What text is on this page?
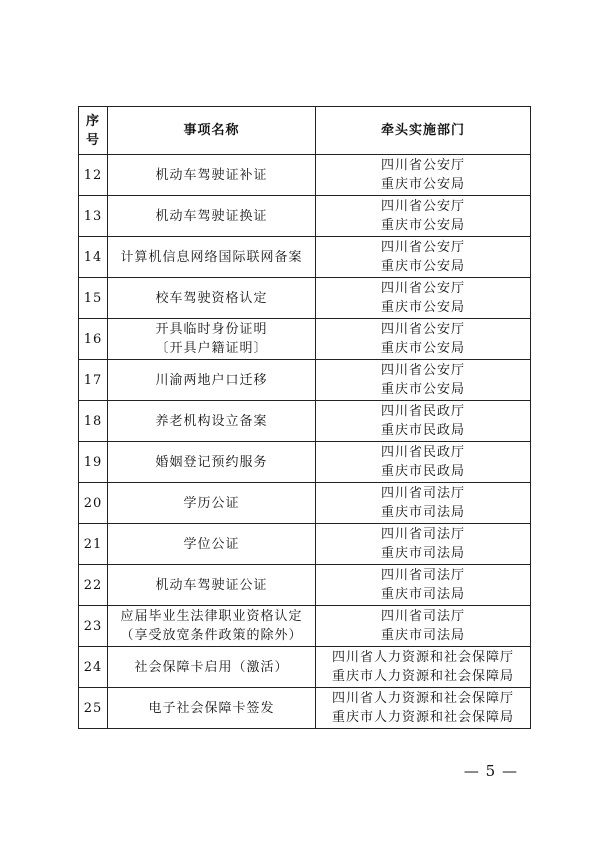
序
号	事项名称	牵头实施部门
12	机动车驾驶证补证	四川省公安厅
重庆市公安局

13	机动车驾驶证换证	四川省公安厅
重庆市公安局

14	计算机信息网络国际联网备案	四川省公安厅
重庆市公安局

15	校车驾驶资格认定	四川省公安厅
重庆市公安局

16	开具临时身份证明
〔开具户籍证明〕	四川省公安厅
重庆市公安局

17	川渝两地户口迁移	四川省公安厅
重庆市公安局

18	养老机构设立备案	四川省民政厅
重庆市民政局

19	婚姻登记预约服务	四川省民政厅
重庆市民政局

20	学历公证	四川省司法厅
重庆市司法局

21	学位公证	四川省司法厅
重庆市司法局

22	机动车驾驶证公证	四川省司法厅
重庆市司法局

23	应届毕业生法律职业资格认定
（享受放宽条件政策的除外）	四川省司法厅
重庆市司法局

24	社会保障卡启用（激活）	四川省人力资源和社会保障厅
重庆市人力资源和社会保障局

25	电子社会保障卡签发	四川省人力资源和社会保障厅
重庆市人力资源和社会保障局
— 5 —
